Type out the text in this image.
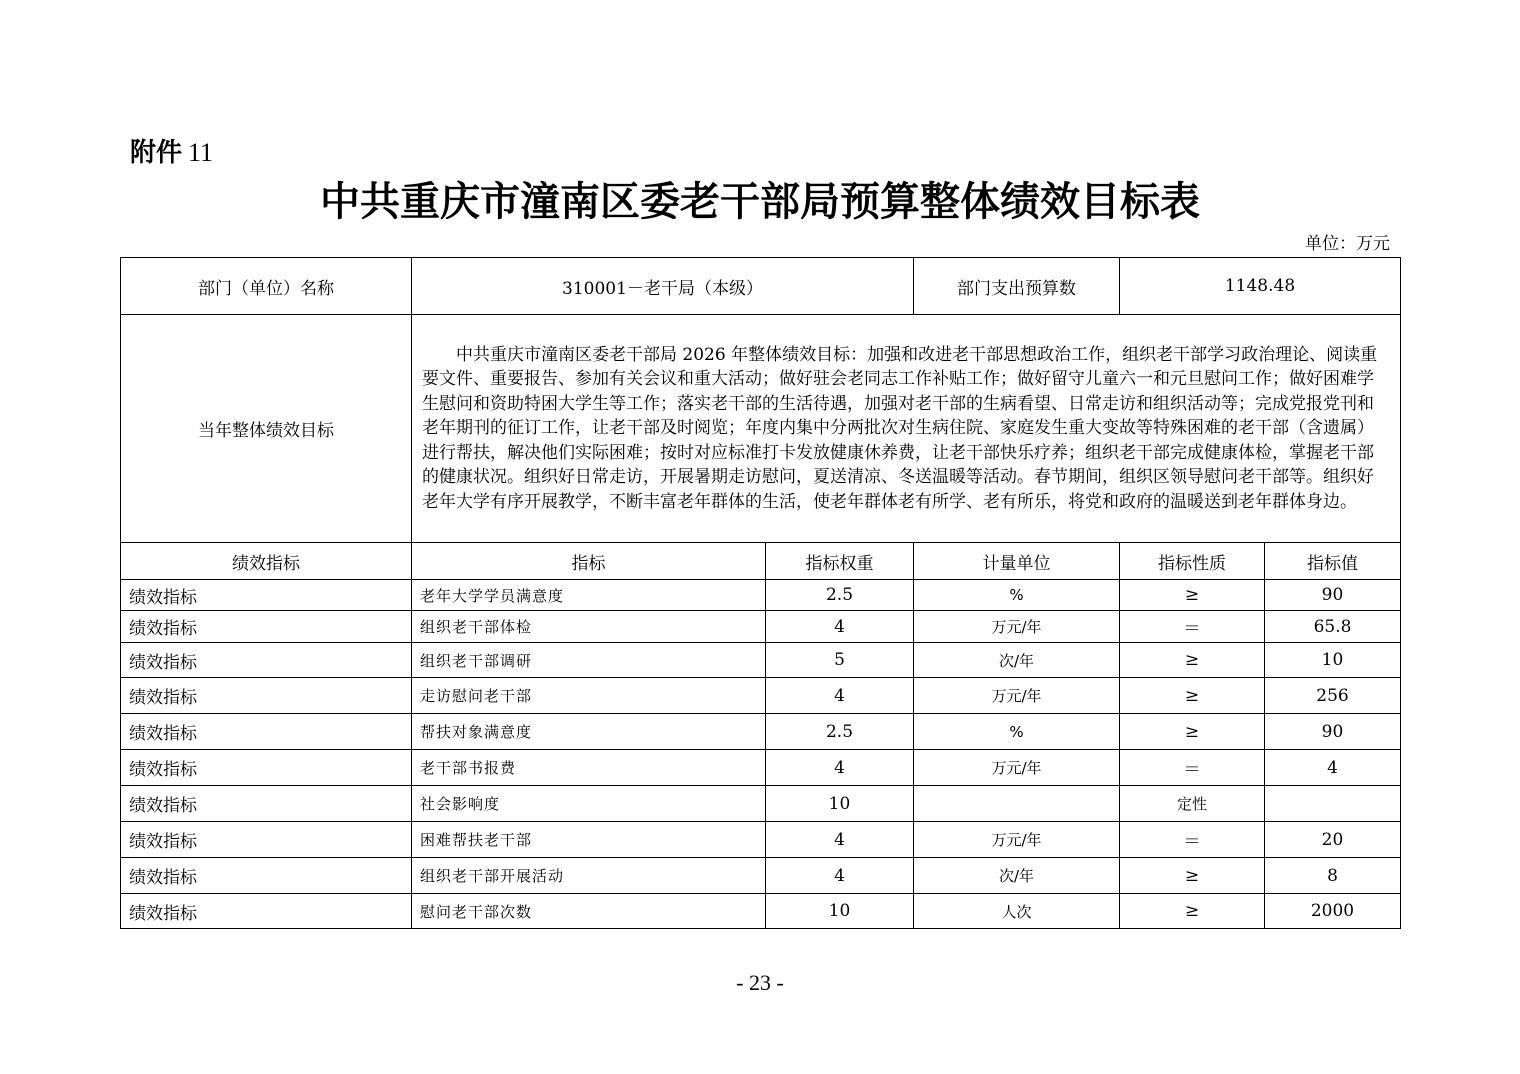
附件 11
中共重庆市潼南区委老干部局预算整体绩效目标表
单位：万元
部门（单位）名称	310001－老干局（本级）		部门支出预算数	1148.48	
当年整体绩效目标	中共重庆市潼南区委老干部局 2026 年整体绩效目标：加强和改进老干部思想政治工作，组织老干部学习政治理论、阅读重要文件、重要报告、参加有关会议和重大活动；做好驻会老同志工作补贴工作；做好留守儿童六一和元旦慰问工作；做好困难学生慰问和资助特困大学生等工作；落实老干部的生活待遇，加强对老干部的生病看望、日常走访和组织活动等；完成党报党刊和老年期刊的征订工作，让老干部及时阅览；年度内集中分两批次对生病住院、家庭发生重大变故等特殊困难的老干部（含遗属）进行帮扶，解决他们实际困难；按时对应标准打卡发放健康休养费，让老干部快乐疗养；组织老干部完成健康体检，掌握老干部的健康状况。组织好日常走访，开展暑期走访慰问，夏送清凉、冬送温暖等活动。春节期间，组织区领导慰问老干部等。组织好老年大学有序开展教学，不断丰富老年群体的生活，使老年群体老有所学、老有所乐，将党和政府的温暖送到老年群体身边。				
绩效指标	指标	指标权重	计量单位	指标性质	指标值
绩效指标	老年大学学员满意度	2.5	%	≥	90
绩效指标	组织老干部体检	4	万元/年	＝	65.8
绩效指标	组织老干部调研	5	次/年	≥	10
绩效指标	走访慰问老干部	4	万元/年	≥	256
绩效指标	帮扶对象满意度	2.5	%	≥	90
绩效指标	老干部书报费	4	万元/年	＝	4
绩效指标	社会影响度	10		定性	
绩效指标	困难帮扶老干部	4	万元/年	＝	20
绩效指标	组织老干部开展活动	4	次/年	≥	8
绩效指标	慰问老干部次数	10	人次	≥	2000
- 23 -
